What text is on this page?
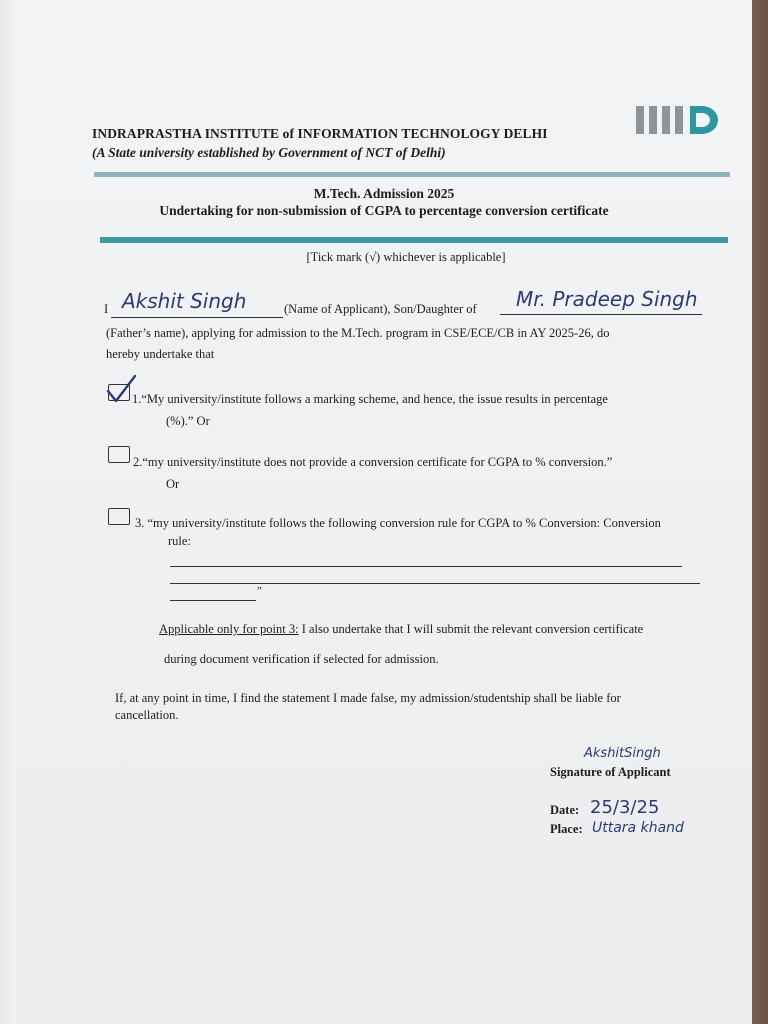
INDRAPRASTHA INSTITUTE of INFORMATION TECHNOLOGY DELHI
(A State university established by Government of NCT of Delhi)
M.Tech. Admission 2025
Undertaking for non-submission of CGPA to percentage conversion certificate
[Tick mark (√) whichever is applicable]
I Akshit Singh	(Name of Applicant), Son/Daughter of Mr. Pradeep Singh
(Father’s name), applying for admission to the M.Tech. program in CSE/ECE/CB in AY 2025-26, do
hereby undertake that
1.“My university/institute follows a marking scheme, and hence, the issue results in percentage
(%).” Or
2.“my university/institute does not provide a conversion certificate for CGPA to % conversion.”
Or
3. “my university/institute follows the following conversion rule for CGPA to % Conversion: Conversion
rule:
”
Applicable only for point 3: I also undertake that I will submit the relevant conversion certificate
during document verification if selected for admission.
If, at any point in time, I find the statement I made false, my admission/studentship shall be liable for
cancellation.
AkshitSingh
Signature of Applicant
Date: 25/3/25
Place: Uttara khand
